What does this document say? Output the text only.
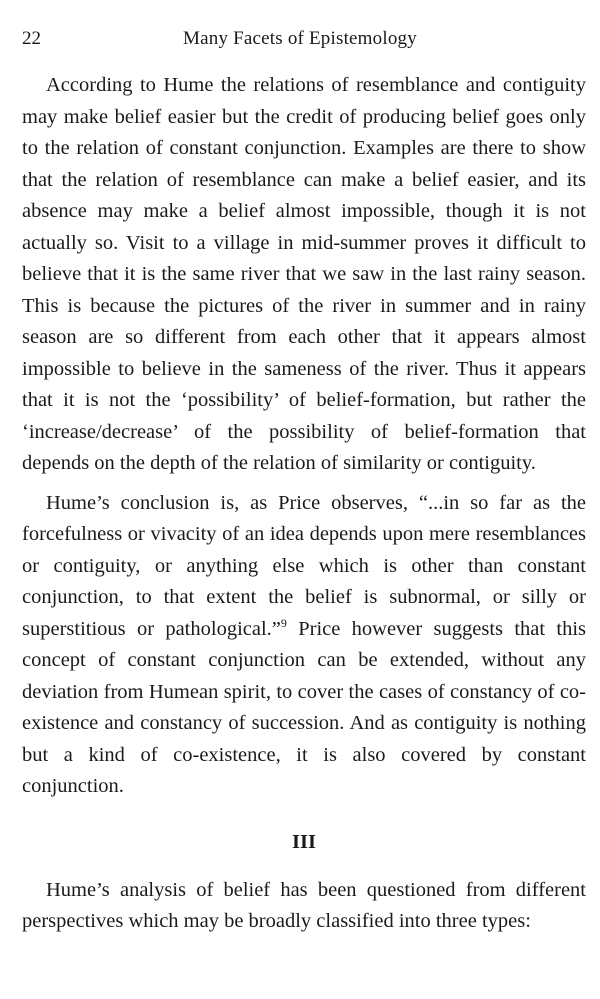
22	Many Facets of Epistemology

According to Hume the relations of resemblance and contiguity may make belief easier but the credit of producing belief goes only to the relation of constant conjunction. Examples are there to show that the relation of resemblance can make a belief easier, and its absence may make a belief almost impossible, though it is not actually so. Visit to a village in mid-summer proves it difficult to believe that it is the same river that we saw in the last rainy season. This is because the pictures of the river in summer and in rainy season are so different from each other that it appears almost impossible to believe in the sameness of the river. Thus it appears that it is not the ‘possibility’ of belief-formation, but rather the ‘increase/decrease’ of the possibility of belief-formation that depends on the depth of the relation of similarity or contiguity.

Hume’s conclusion is, as Price observes, “...in so far as the forcefulness or vivacity of an idea depends upon mere resemblances or contiguity, or anything else which is other than constant conjunction, to that extent the belief is subnormal, or silly or superstitious or pathological.”$^9$ Price however suggests that this concept of constant conjunction can be extended, without any deviation from Humean spirit, to cover the cases of constancy of co-existence and constancy of succession. And as contiguity is nothing but a kind of co-existence, it is also covered by constant conjunction.

III

Hume’s analysis of belief has been questioned from different perspectives which may be broadly classified into three types:
